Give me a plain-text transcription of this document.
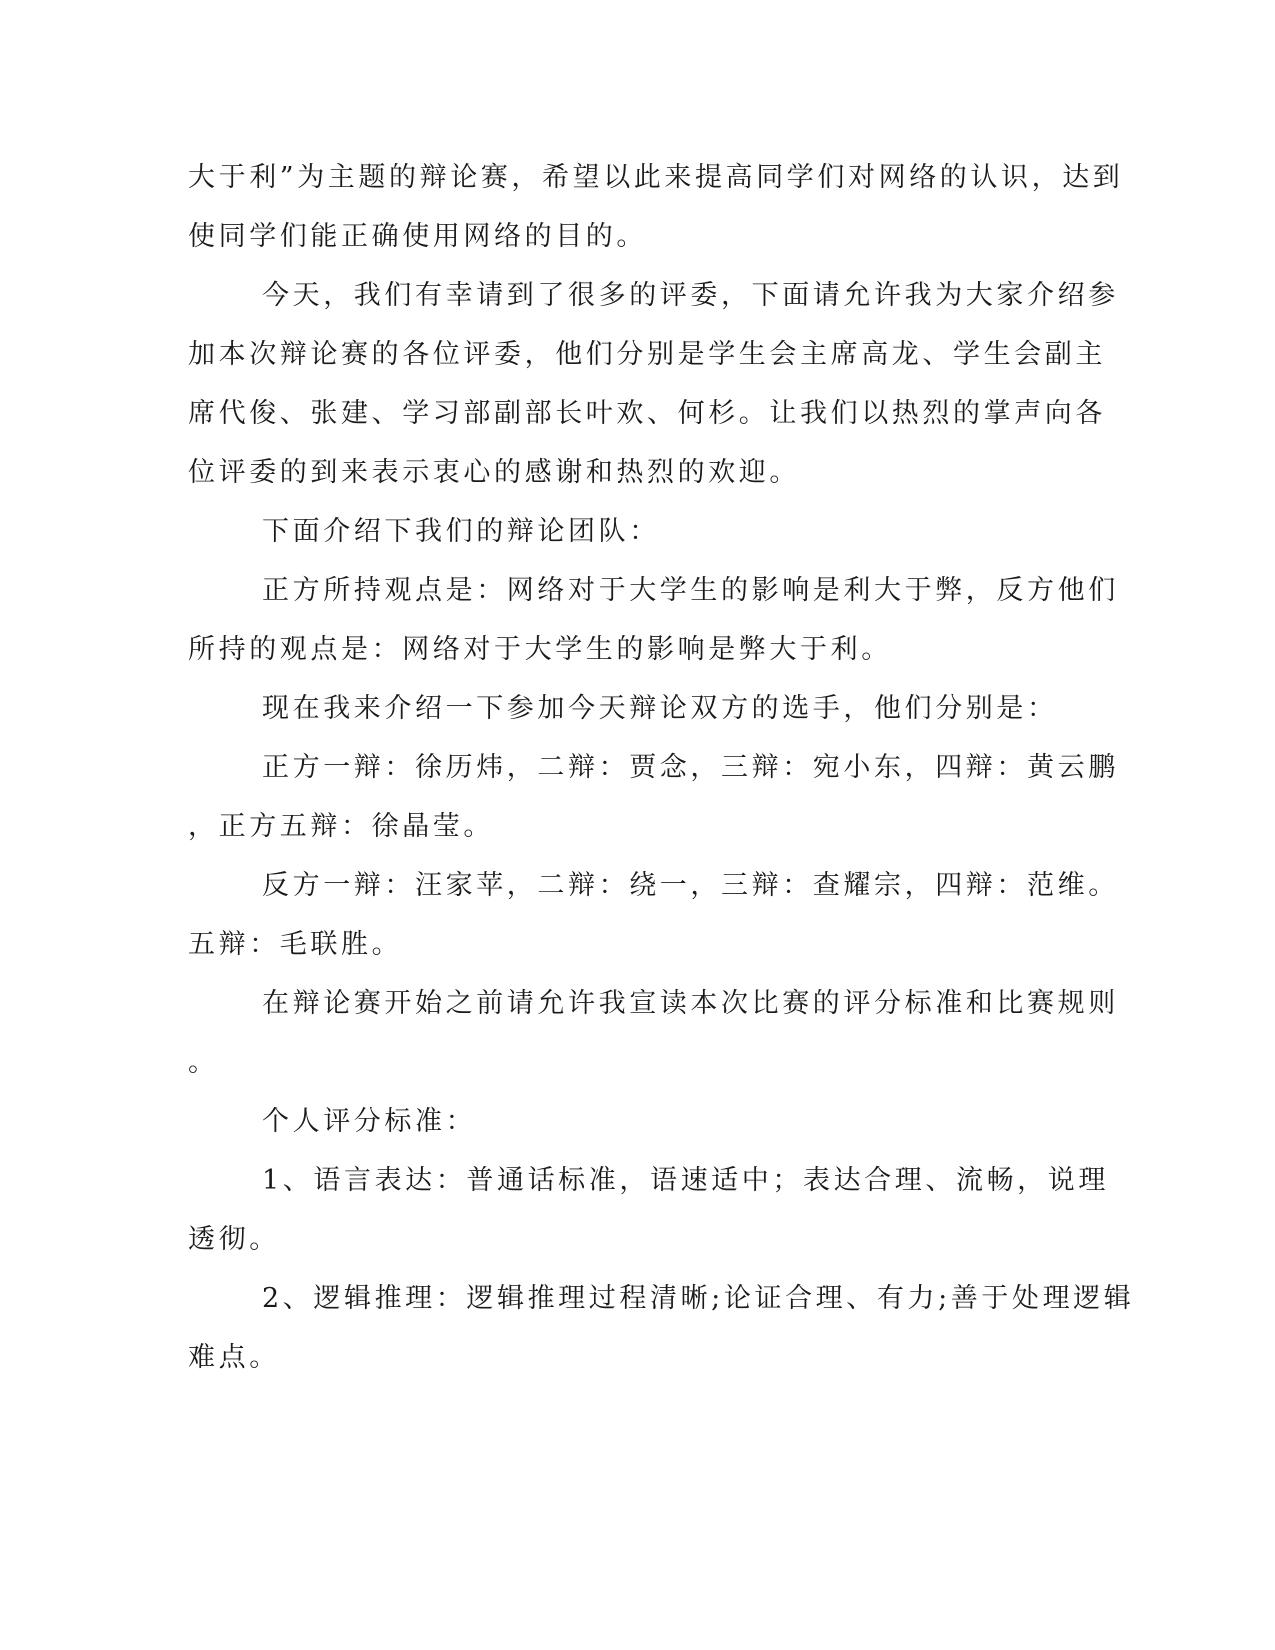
大于利”为主题的辩论赛，希望以此来提高同学们对网络的认识，达到
使同学们能正确使用网络的目的。
今天，我们有幸请到了很多的评委，下面请允许我为大家介绍参
加本次辩论赛的各位评委，他们分别是学生会主席高龙、学生会副主
席代俊、张建、学习部副部长叶欢、何杉。让我们以热烈的掌声向各
位评委的到来表示衷心的感谢和热烈的欢迎。
下面介绍下我们的辩论团队：
正方所持观点是：网络对于大学生的影响是利大于弊，反方他们
所持的观点是：网络对于大学生的影响是弊大于利。
现在我来介绍一下参加今天辩论双方的选手，他们分别是：
正方一辩：徐历炜，二辩：贾念，三辩：宛小东，四辩：黄云鹏
，正方五辩：徐晶莹。
反方一辩：汪家苹，二辩：绕一，三辩：查耀宗，四辩：范维。
五辩：毛联胜。
在辩论赛开始之前请允许我宣读本次比赛的评分标准和比赛规则
。
个人评分标准：
1、语言表达：普通话标准，语速适中；表达合理、流畅，说理
透彻。
2、逻辑推理：逻辑推理过程清晰;论证合理、有力;善于处理逻辑
难点。
